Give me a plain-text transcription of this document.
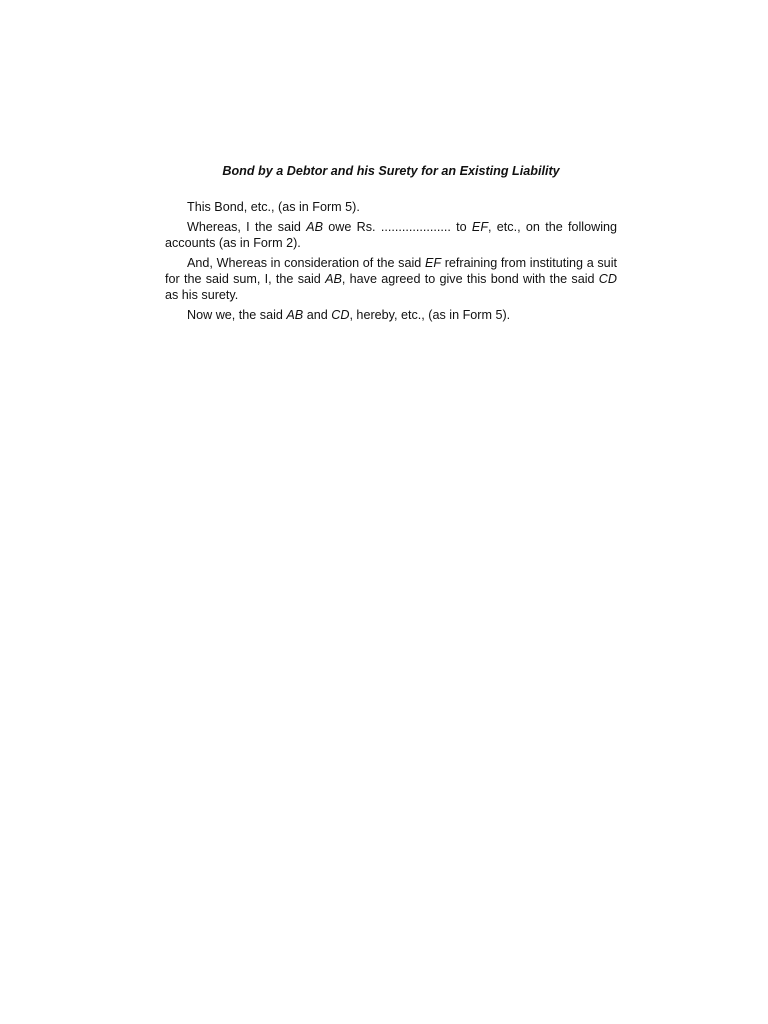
Bond by a Debtor and his Surety for an Existing Liability

This Bond, etc., (as in Form 5).

Whereas, I the said AB owe Rs. .................... to EF, etc., on the following accounts (as in Form 2).

And, Whereas in consideration of the said EF refraining from instituting a suit for the said sum, I, the said AB, have agreed to give this bond with the said CD as his surety.

Now we, the said AB and CD, hereby, etc., (as in Form 5).
